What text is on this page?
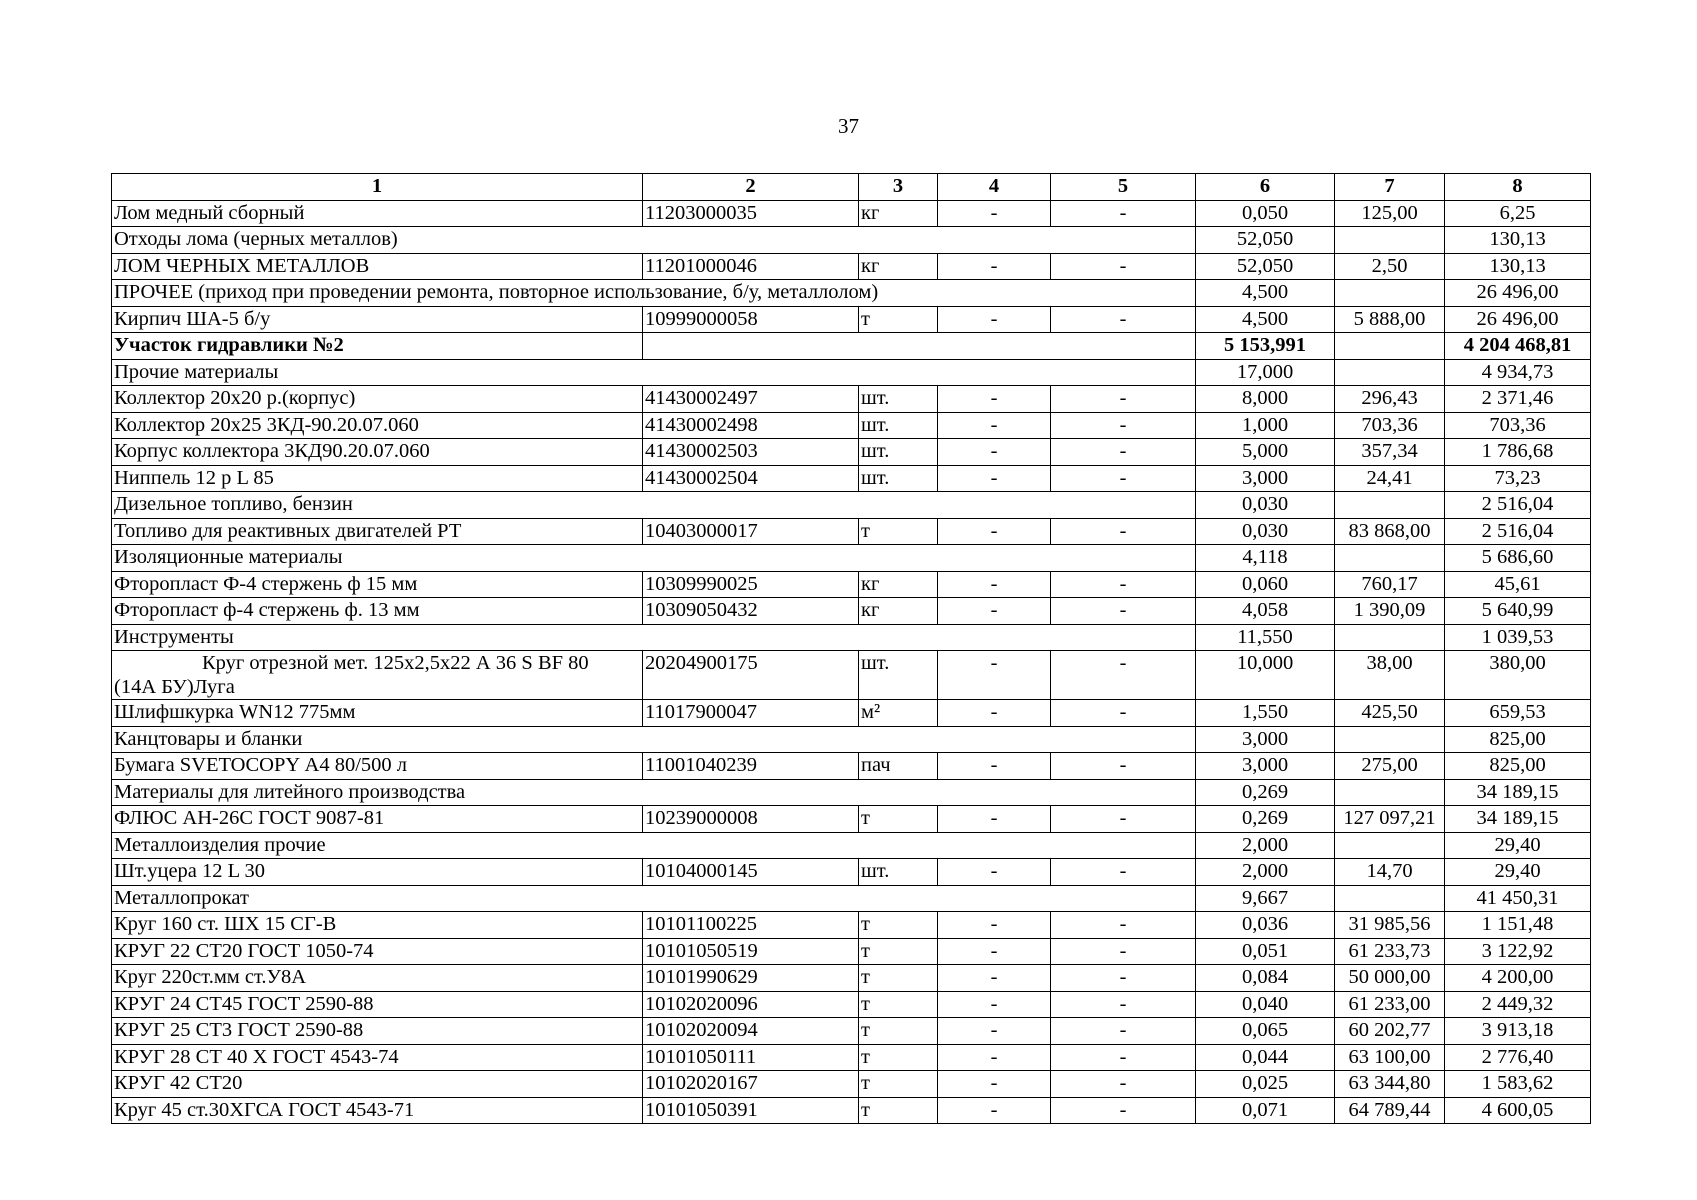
37
1	2	3	4	5	6	7	8
Лом медный сборный	11203000035	кг	-	-	0,050	125,00	6,25
Отходы лома (черных металлов)					52,050		130,13
ЛОМ ЧЕРНЫХ МЕТАЛЛОВ	11201000046	кг	-	-	52,050	2,50	130,13
ПРОЧЕЕ (приход при проведении ремонта, повторное использование, б/у, металлолом)					4,500		26 496,00
Кирпич ША-5 б/у	10999000058	т	-	-	4,500	5 888,00	26 496,00
Участок гидравлики №2					5 153,991		4 204 468,81
Прочие материалы					17,000		4 934,73
Коллектор 20х20 р.(корпус)	41430002497	шт.	-	-	8,000	296,43	2 371,46
Коллектор 20х25 3КД-90.20.07.060	41430002498	шт.	-	-	1,000	703,36	703,36
Корпус коллектора 3КД90.20.07.060	41430002503	шт.	-	-	5,000	357,34	1 786,68
Ниппель 12 р L 85	41430002504	шт.	-	-	3,000	24,41	73,23
Дизельное топливо, бензин					0,030		2 516,04
Топливо для реактивных двигателей РТ	10403000017	т	-	-	0,030	83 868,00	2 516,04
Изоляционные материалы					4,118		5 686,60
Фторопласт Ф-4 стержень ф 15 мм	10309990025	кг	-	-	0,060	760,17	45,61
Фторопласт ф-4 стержень ф. 13 мм	10309050432	кг	-	-	4,058	1 390,09	5 640,99
Инструменты					11,550		1 039,53

Круг отрезной мет. 125х2,5х22 А 36 S BF 80
(14А БУ)Луга	20204900175	шт.	-	-	10,000	38,00	380,00
Шлифшкурка WN12 775мм	11017900047	м²	-	-	1,550	425,50	659,53
Канцтовары и бланки					3,000		825,00
Бумага SVETOCOPY А4 80/500 л	11001040239	пач	-	-	3,000	275,00	825,00
Материалы для литейного производства					0,269		34 189,15
ФЛЮС АН-26С ГОСТ 9087-81	10239000008	т	-	-	0,269	127 097,21	34 189,15
Металлоизделия прочие					2,000		29,40
Шт.уцера 12 L 30	10104000145	шт.	-	-	2,000	14,70	29,40
Металлопрокат					9,667		41 450,31
Круг 160 ст. ШХ 15 СГ-В	10101100225	т	-	-	0,036	31 985,56	1 151,48
КРУГ 22 СТ20 ГОСТ 1050-74	10101050519	т	-	-	0,051	61 233,73	3 122,92
Круг 220ст.мм ст.У8А	10101990629	т	-	-	0,084	50 000,00	4 200,00
КРУГ 24 СТ45 ГОСТ 2590-88	10102020096	т	-	-	0,040	61 233,00	2 449,32
КРУГ 25 СТ3 ГОСТ 2590-88	10102020094	т	-	-	0,065	60 202,77	3 913,18
КРУГ 28 СТ 40 Х ГОСТ 4543-74	10101050111	т	-	-	0,044	63 100,00	2 776,40
КРУГ 42 СТ20	10102020167	т	-	-	0,025	63 344,80	1 583,62
Круг 45 ст.30ХГСА ГОСТ 4543-71	10101050391	т	-	-	0,071	64 789,44	4 600,05
